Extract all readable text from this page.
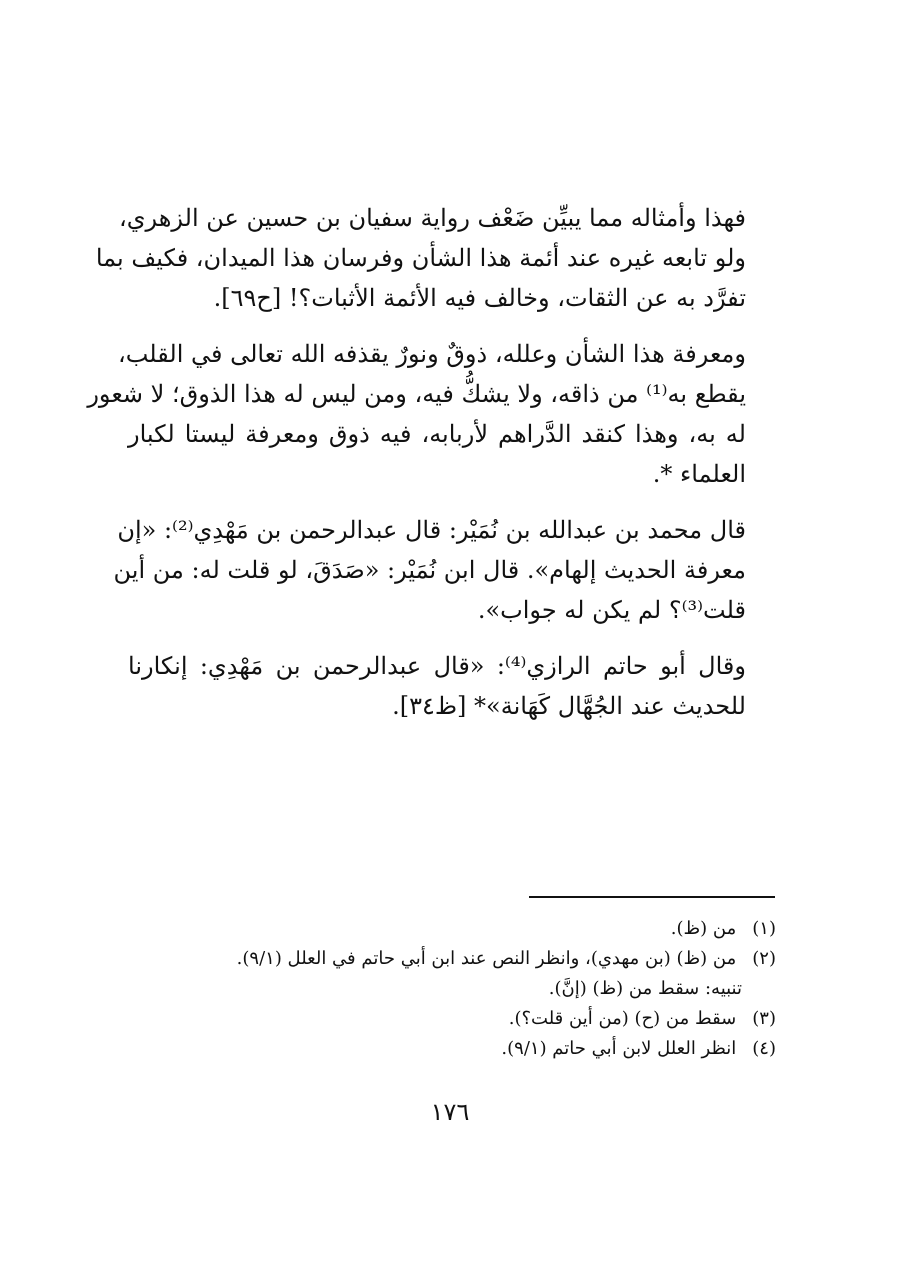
فهذا وأمثاله مما يبيِّن ضَعْف رواية سفيان بن حسين عن الزهري،
ولو تابعه غيره عند أئمة هذا الشأن وفرسان هذا الميدان، فكيف بما
تفرَّد به عن الثقات، وخالف فيه الأئمة الأثبات؟! [ح٦٩].

ومعرفة هذا الشأن وعلله، ذوقٌ ونورٌ يقذفه الله تعالى في القلب،
يقطع به⁽¹⁾ من ذاقه، ولا يشكُّ فيه، ومن ليس له هذا الذوق؛ لا شعور
له به، وهذا كنقد الدَّراهم لأربابه، فيه ذوق ومعرفة ليستا لكبار
العلماء *.

قال محمد بن عبدالله بن نُمَيْر: قال عبدالرحمن بن مَهْدِي⁽²⁾: «إن
معرفة الحديث إلهام». قال ابن نُمَيْر: «صَدَقَ، لو قلت له: من أين
قلت⁽³⁾؟ لم يكن له جواب».

وقال أبو حاتم الرازي⁽⁴⁾: «قال عبدالرحمن بن مَهْدِي: إنكارنا
للحديث عند الجُهَّال كَهَانة»* [ظ٣٤].

(١) من (ظ).
(٢) من (ظ) (بن مهدي)، وانظر النص عند ابن أبي حاتم في العلل (٩/١).
تنبيه: سقط من (ظ) (إنَّ).
(٣) سقط من (ح) (من أين قلت؟).
(٤) انظر العلل لابن أبي حاتم (٩/١).
١٧٦
